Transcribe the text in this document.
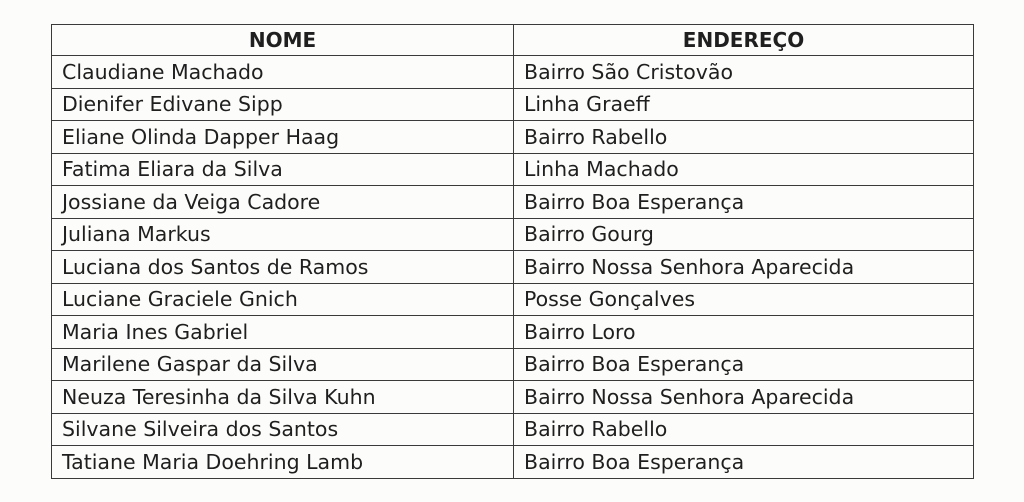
NOME	ENDEREÇO
Claudiane Machado	Bairro São Cristovão
Dienifer Edivane Sipp	Linha Graeff
Eliane Olinda Dapper Haag	Bairro Rabello
Fatima Eliara da Silva	Linha Machado
Jossiane da Veiga Cadore	Bairro Boa Esperança
Juliana Markus	Bairro Gourg
Luciana dos Santos de Ramos	Bairro Nossa Senhora Aparecida
Luciane Graciele Gnich	Posse Gonçalves
Maria Ines Gabriel	Bairro Loro
Marilene Gaspar da Silva	Bairro Boa Esperança
Neuza Teresinha da Silva Kuhn	Bairro Nossa Senhora Aparecida
Silvane Silveira dos Santos	Bairro Rabello
Tatiane Maria Doehring Lamb	Bairro Boa Esperança
